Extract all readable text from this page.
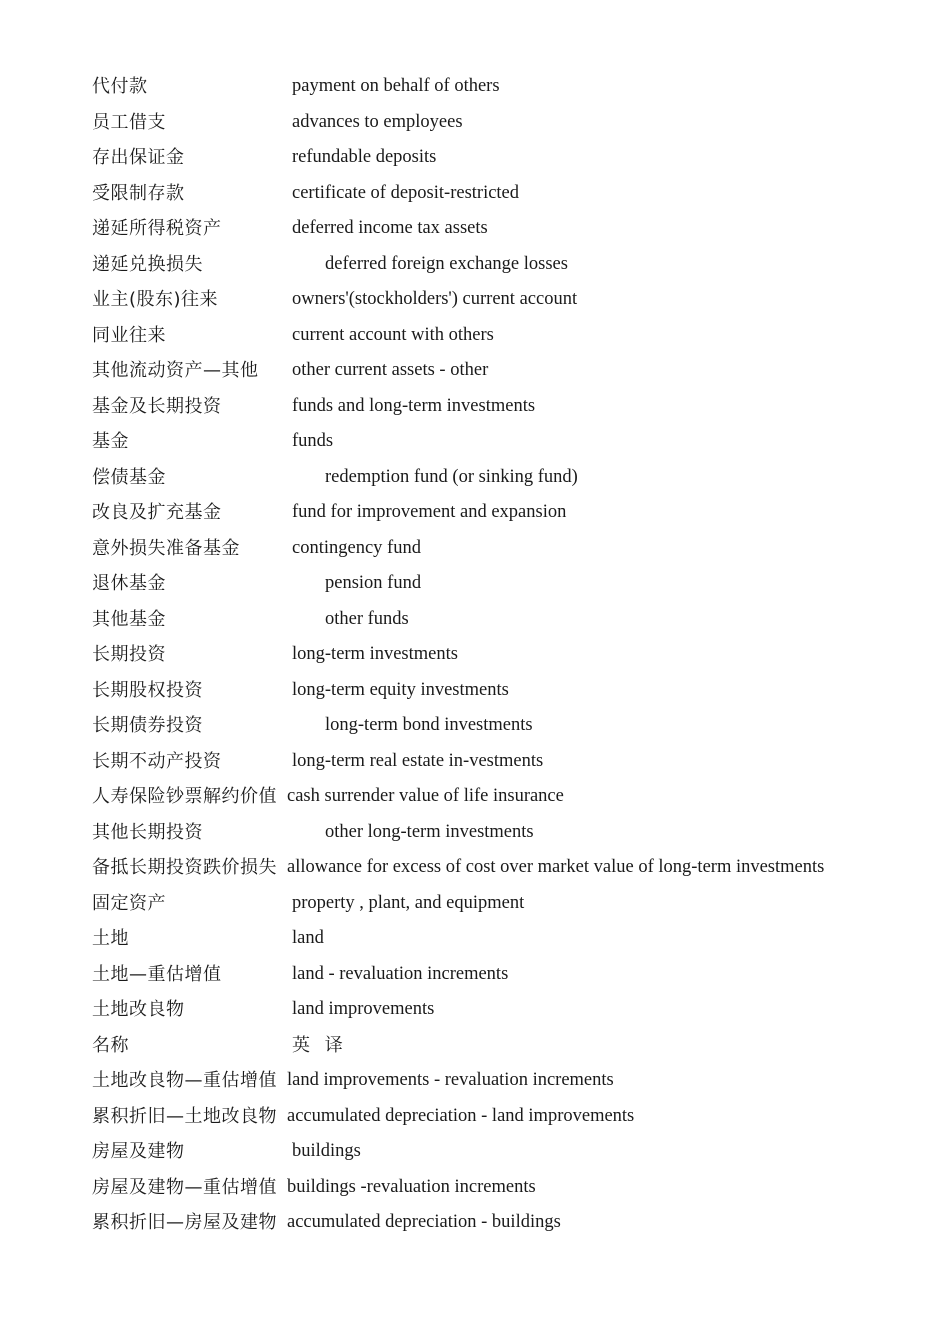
代付款	payment on behalf of others
员工借支	advances to employees
存出保证金	refundable deposits
受限制存款	certificate of deposit-restricted
递延所得税资产	deferred income tax assets
递延兑换损失	deferred foreign exchange losses
业主(股东)往来	owners'(stockholders') current account
同业往来	current account with others
其他流动资产—其他 other current assets - other
基金及长期投资	funds and long-term investments
基金	funds
偿债基金	redemption fund (or sinking fund)
改良及扩充基金	fund for improvement and expansion
意外损失准备基金	contingency fund
退休基金	pension fund
其他基金	other funds
长期投资	long-term investments
长期股权投资	long-term equity investments
长期债券投资	long-term bond investments
长期不动产投资	long-term real estate in-vestments
人寿保险钞票解约价值 cash surrender value of life insurance
其他长期投资	other long-term investments
备抵长期投资跌价损失 allowance for excess of cost over market value of long-term investments
固定资产	property , plant, and equipment
土地	land
土地—重估增值	land - revaluation increments
土地改良物	land improvements
名称	英 译
土地改良物—重估增值 land improvements - revaluation increments
累积折旧—土地改良物 accumulated depreciation - land improvements
房屋及建物	buildings
房屋及建物—重估增值 buildings -revaluation increments
累积折旧—房屋及建物 accumulated depreciation - buildings
